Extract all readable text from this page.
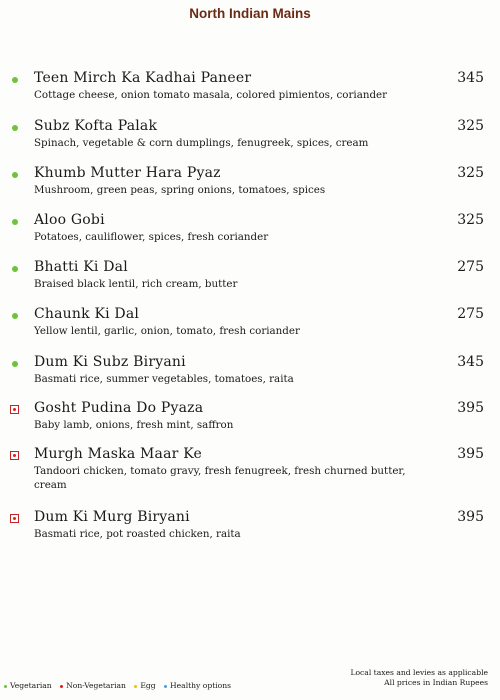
North Indian Mains
Teen Mirch Ka Kadhai Paneer	345
Cottage cheese, onion tomato masala, colored pimientos, coriander
Subz Kofta Palak	325
Spinach, vegetable & corn dumplings, fenugreek, spices, cream
Khumb Mutter Hara Pyaz	325
Mushroom, green peas, spring onions, tomatoes, spices
Aloo Gobi	325
Potatoes, cauliflower, spices, fresh coriander
Bhatti Ki Dal	275
Braised black lentil, rich cream, butter
Chaunk Ki Dal	275
Yellow lentil, garlic, onion, tomato, fresh coriander
Dum Ki Subz Biryani	345
Basmati rice, summer vegetables, tomatoes, raita
Gosht Pudina Do Pyaza	395
Baby lamb, onions, fresh mint, saffron
Murgh Maska Maar Ke	395
Tandoori chicken, tomato gravy, fresh fenugreek, fresh churned butter, cream
Dum Ki Murg Biryani	395
Basmati rice, pot roasted chicken, raita
Vegetarian Non-Vegetarian Egg Healthy options
Local taxes and levies as applicable
All prices in Indian Rupees
